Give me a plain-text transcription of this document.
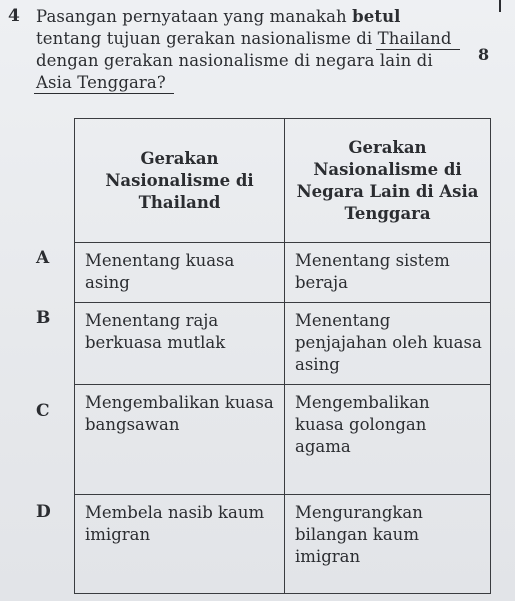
4 Pasangan pernyataan yang manakah betul
tentang tujuan gerakan nasionalisme di Thailand
dengan gerakan nasionalisme di negara lain di
Asia Tenggara?
8
A
B
C
D
Gerakan Nasionalisme di Thailand	Gerakan Nasionalisme di Negara Lain di Asia Tenggara
Menentang kuasa asing	Menentang sistem beraja
Menentang raja berkuasa mutlak	Menentang penjajahan oleh kuasa asing
Mengembalikan kuasa bangsawan	Mengembalikan kuasa golongan agama
Membela nasib kaum imigran	Mengurangkan bilangan kaum imigran
